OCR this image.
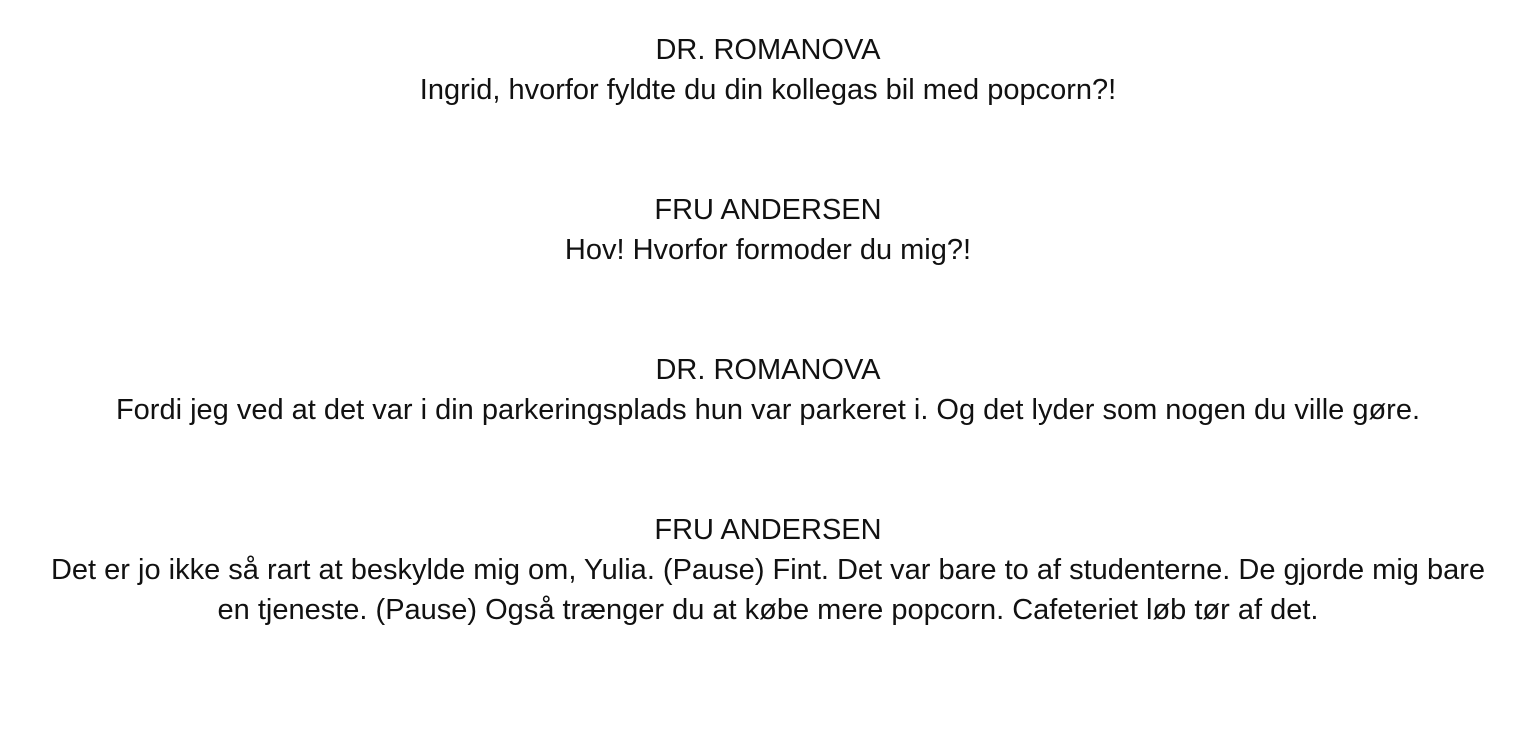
DR. ROMANOVA
Ingrid, hvorfor fyldte du din kollegas bil med popcorn?!
FRU ANDERSEN
Hov! Hvorfor formoder du mig?!
DR. ROMANOVA
Fordi jeg ved at det var i din parkeringsplads hun var parkeret i. Og det lyder som nogen du ville gøre.
FRU ANDERSEN
Det er jo ikke så rart at beskylde mig om, Yulia. (Pause) Fint. Det var bare to af studenterne. De gjorde mig bare en tjeneste. (Pause) Også trænger du at købe mere popcorn. Cafeteriet løb tør af det.
